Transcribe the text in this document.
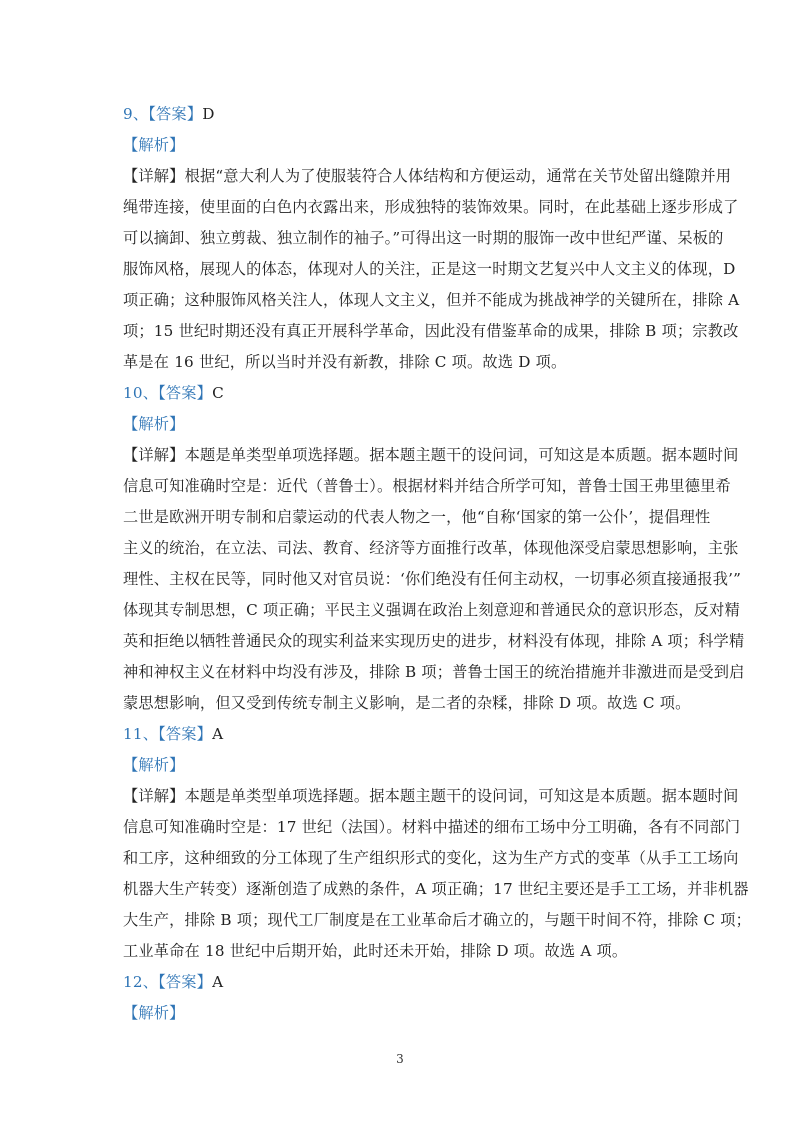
9、【答案】D
【解析】
【详解】根据“意大利人为了使服装符合人体结构和方便运动，通常在关节处留出缝隙并用
绳带连接，使里面的白色内衣露出来，形成独特的装饰效果。同时，在此基础上逐步形成了
可以摘卸、独立剪裁、独立制作的袖子。”可得出这一时期的服饰一改中世纪严谨、呆板的
服饰风格，展现人的体态，体现对人的关注，正是这一时期文艺复兴中人文主义的体现，D
项正确；这种服饰风格关注人，体现人文主义，但并不能成为挑战神学的关键所在，排除 A
项；15 世纪时期还没有真正开展科学革命，因此没有借鉴革命的成果，排除 B 项；宗教改
革是在 16 世纪，所以当时并没有新教，排除 C 项。故选 D 项。
10、【答案】C
【解析】
【详解】本题是单类型单项选择题。据本题主题干的设问词，可知这是本质题。据本题时间
信息可知准确时空是：近代（普鲁士）。根据材料并结合所学可知，普鲁士国王弗里德里希
二世是欧洲开明专制和启蒙运动的代表人物之一，他“自称‘国家的第一公仆’，提倡理性
主义的统治，在立法、司法、教育、经济等方面推行改革，体现他深受启蒙思想影响，主张
理性、主权在民等，同时他又对官员说：‘你们绝没有任何主动权，一切事必须直接通报我’”
体现其专制思想，C 项正确；平民主义强调在政治上刻意迎和普通民众的意识形态，反对精
英和拒绝以牺牲普通民众的现实利益来实现历史的进步，材料没有体现，排除 A 项；科学精
神和神权主义在材料中均没有涉及，排除 B 项；普鲁士国王的统治措施并非激进而是受到启
蒙思想影响，但又受到传统专制主义影响，是二者的杂糅，排除 D 项。故选 C 项。
11、【答案】A
【解析】
【详解】本题是单类型单项选择题。据本题主题干的设问词，可知这是本质题。据本题时间
信息可知准确时空是：17 世纪（法国）。材料中描述的细布工场中分工明确，各有不同部门
和工序，这种细致的分工体现了生产组织形式的变化，这为生产方式的变革（从手工工场向
机器大生产转变）逐渐创造了成熟的条件，A 项正确；17 世纪主要还是手工工场，并非机器
大生产，排除 B 项；现代工厂制度是在工业革命后才确立的，与题干时间不符，排除 C 项；
工业革命在 18 世纪中后期开始，此时还未开始，排除 D 项。故选 A 项。
12、【答案】A
【解析】
3
